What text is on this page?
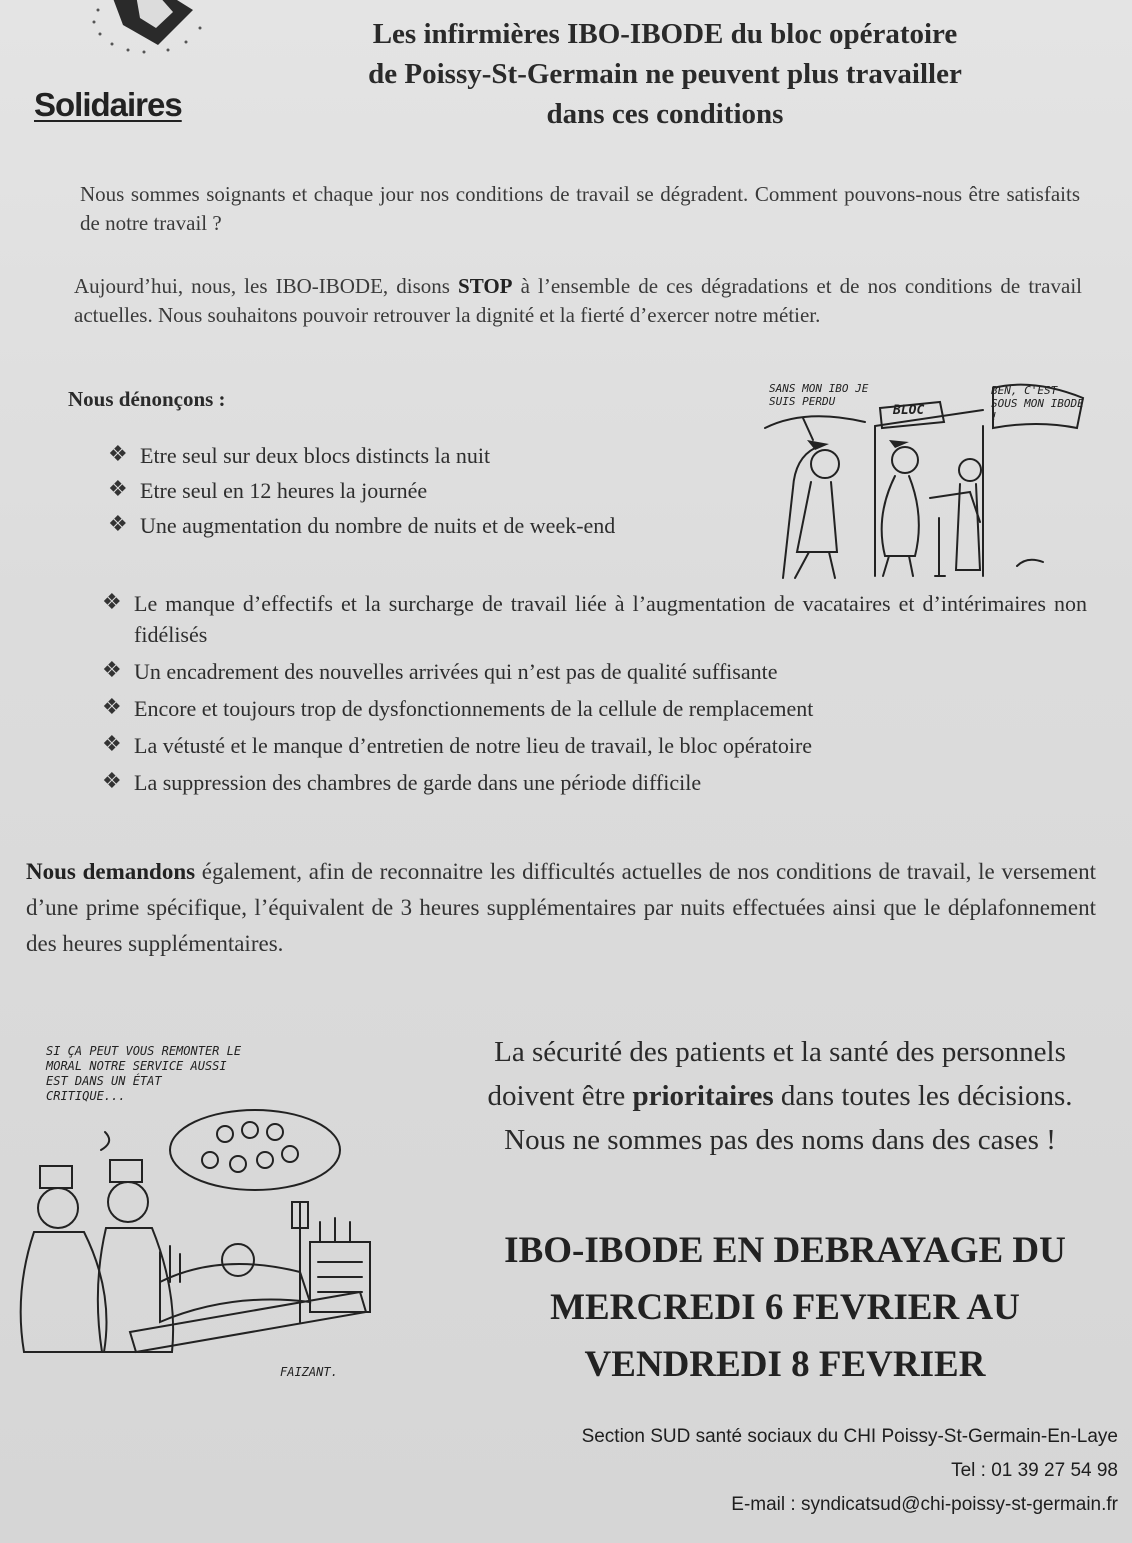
Solidaires
Les infirmières IBO-IBODE du bloc opératoire
de Poissy-St-Germain ne peuvent plus travailler
dans ces conditions
Nous sommes soignants et chaque jour nos conditions de travail se dégradent. Comment pouvons-nous être satisfaits de notre travail ?
Aujourd’hui, nous, les IBO-IBODE, disons STOP à l’ensemble de ces dégradations et de nos conditions de travail actuelles. Nous souhaitons pouvoir retrouver la dignité et la fierté d’exercer notre métier.
Nous dénonçons :
❖ Etre seul sur deux blocs distincts la nuit
❖ Etre seul en 12 heures la journée
❖ Une augmentation du nombre de nuits et de week-end
SANS MON IBO JE SUIS PERDU
BLOC
BEN, C'EST SOUS MON IBODE !
❖ Le manque d’effectifs et la surcharge de travail liée à l’augmentation de vacataires et d’intérimaires non fidélisés
❖ Un encadrement des nouvelles arrivées qui n’est pas de qualité suffisante
❖ Encore et toujours trop de dysfonctionnements de la cellule de remplacement
❖ La vétusté et le manque d’entretien de notre lieu de travail, le bloc opératoire
❖ La suppression des chambres de garde dans une période difficile
Nous demandons également, afin de reconnaitre les difficultés actuelles de nos conditions de travail, le versement d’une prime spécifique, l’équivalent de 3 heures supplémentaires par nuits effectuées ainsi que le déplafonnement des heures supplémentaires.
SI ÇA PEUT VOUS REMONTER LE MORAL NOTRE SERVICE AUSSI EST DANS UN ÉTAT CRITIQUE...
FAIZANT.
La sécurité des patients et la santé des personnels doivent être prioritaires dans toutes les décisions. Nous ne sommes pas des noms dans des cases !
IBO-IBODE EN DEBRAYAGE DU
MERCREDI 6 FEVRIER AU
VENDREDI 8 FEVRIER
Section SUD santé sociaux du CHI Poissy-St-Germain-En-Laye
Tel : 01 39 27 54 98
E-mail : syndicatsud@chi-poissy-st-germain.fr
